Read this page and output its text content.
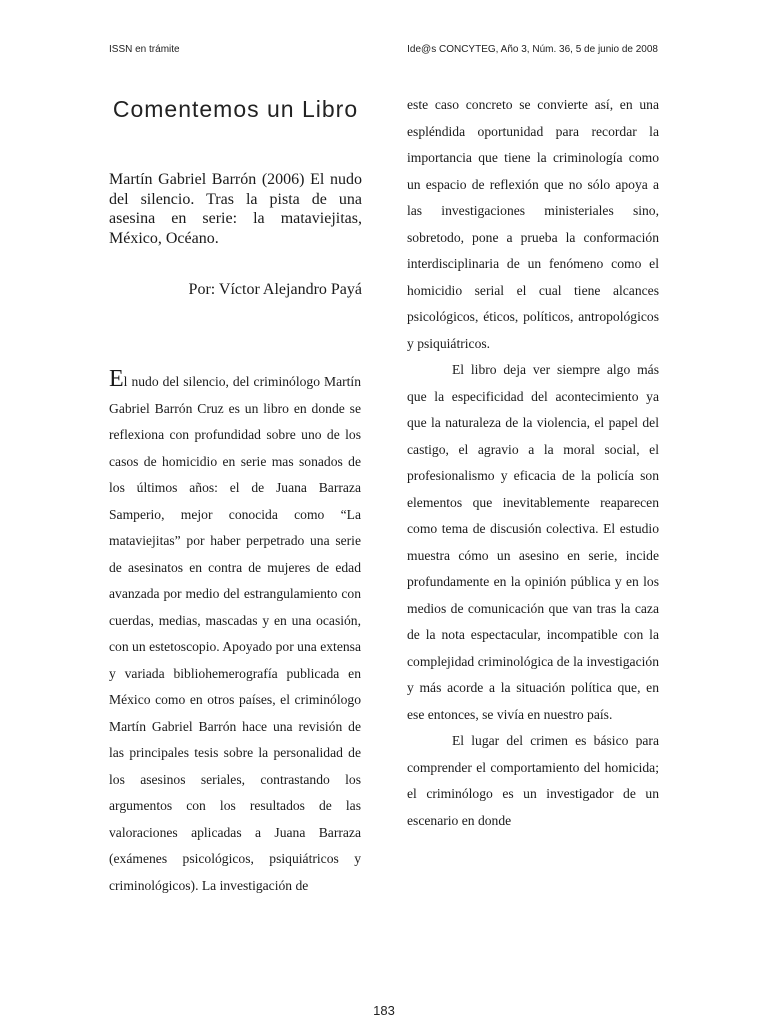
ISSN en trámite	Ide@s CONCYTEG, Año 3, Núm. 36, 5 de junio de 2008
Comentemos un Libro
Martín Gabriel Barrón (2006) El nudo del silencio. Tras la pista de una asesina en serie: la mataviejitas, México, Océano.
Por: Víctor Alejandro Payá

El nudo del silencio, del criminólogo Martín Gabriel Barrón Cruz es un libro en donde se reflexiona con profundidad sobre uno de los casos de homicidio en serie mas sonados de los últimos años: el de Juana Barraza Samperio, mejor conocida como “La mataviejitas” por haber perpetrado una serie de asesinatos en contra de mujeres de edad avanzada por medio del estrangulamiento con cuerdas, medias, mascadas y en una ocasión, con un estetoscopio. Apoyado por una extensa y variada bibliohemerografía publicada en México como en otros países, el criminólogo Martín Gabriel Barrón hace una revisión de las principales tesis sobre la personalidad de los asesinos seriales, contrastando los argumentos con los resultados de las valoraciones aplicadas a Juana Barraza (exámenes psicológicos, psiquiátricos y criminológicos). La investigación de

este caso concreto se convierte así, en una espléndida oportunidad para recordar la importancia que tiene la criminología como un espacio de reflexión que no sólo apoya a las investigaciones ministeriales sino, sobretodo, pone a prueba la conformación interdisciplinaria de un fenómeno como el homicidio serial el cual tiene alcances psicológicos, éticos, políticos, antropológicos y psiquiátricos.

El libro deja ver siempre algo más que la especificidad del acontecimiento ya que la naturaleza de la violencia, el papel del castigo, el agravio a la moral social, el profesionalismo y eficacia de la policía son elementos que inevitablemente reaparecen como tema de discusión colectiva. El estudio muestra cómo un asesino en serie, incide profundamente en la opinión pública y en los medios de comunicación que van tras la caza de la nota espectacular, incompatible con la complejidad criminológica de la investigación y más acorde a la situación política que, en ese entonces, se vivía en nuestro país.

El lugar del crimen es básico para comprender el comportamiento del homicida; el criminólogo es un investigador de un escenario en donde

183
